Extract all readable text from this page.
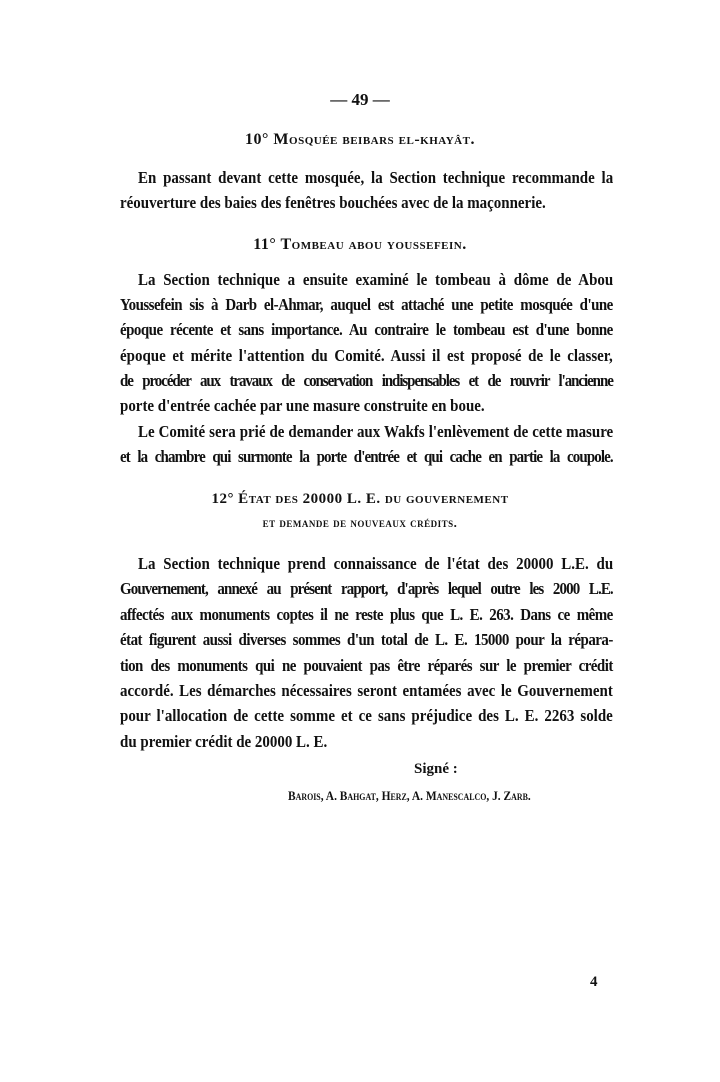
— 49 —
10° Mosquée beibars el-khayât.
En passant devant cette mosquée, la Section technique recommande la
réouverture des baies des fenêtres bouchées avec de la maçonnerie.
11° Tombeau abou youssefein.
La Section technique a ensuite examiné le tombeau à dôme de Abou
Youssefein sis à Darb el-Ahmar, auquel est attaché une petite mosquée d'une
époque récente et sans importance. Au contraire le tombeau est d'une bonne
époque et mérite l'attention du Comité. Aussi il est proposé de le classer,
de procéder aux travaux de conservation indispensables et de rouvrir l'ancienne
porte d'entrée cachée par une masure construite en boue.
Le Comité sera prié de demander aux Wakfs l'enlèvement de cette masure
et la chambre qui surmonte la porte d'entrée et qui cache en partie la coupole.
12° État des 20000 L. E. du gouvernement
et demande de nouveaux crédits.
La Section technique prend connaissance de l'état des 20000 L.E. du
Gouvernement, annexé au présent rapport, d'après lequel outre les 2000 L.E.
affectés aux monuments coptes il ne reste plus que L. E. 263. Dans ce même
état figurent aussi diverses sommes d'un total de L. E. 15000 pour la répara-
tion des monuments qui ne pouvaient pas être réparés sur le premier crédit
accordé. Les démarches nécessaires seront entamées avec le Gouvernement
pour l'allocation de cette somme et ce sans préjudice des L. E. 2263 solde
du premier crédit de 20000 L. E.
Signé :
Barois, A. Bahgat, Herz, A. Manescalco, J. Zarb.
4
